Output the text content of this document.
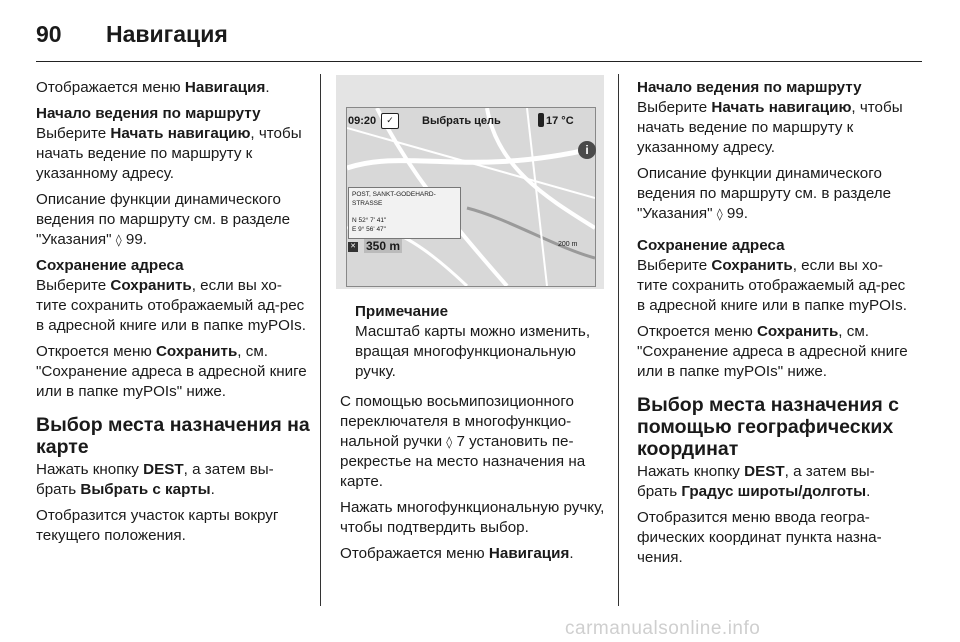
90	Навигация

Отображается меню Навигация.

Начало ведения по маршруту

Выберите Начать навигацию, чтобы начать ведение по маршруту к указанному адресу.

Описание функции динамического ведения по маршруту см. в разделе "Указания" ◊ 99.

Сохранение адреса

Выберите Сохранить, если вы хо-тите сохранить отображаемый ад-рес в адресной книге или в папке myPOIs.

Откроется меню Сохранить, см. "Сохранение адреса в адресной книге или в папке myPOIs" ниже.

Выбор места назначения на карте

Нажать кнопку DEST, а затем вы-брать Выбрать с карты.

Отобразится участок карты вокруг текущего положения.

09:20	✓	Выбрать цель	17 °C
i
POST, SANKT-GODEHARD-STRASSE
N 52° 7' 41"
E 9° 56' 47"
✕ 350 m	200 m
Примечание
Масштаб карты можно изменить, вращая многофункциональную ручку.

С помощью восьмипозиционного переключателя в многофункцио-нальной ручки ◊ 7 установить пе-рекрестье на место назначения на карте.

Нажать многофункциональную ручку, чтобы подтвердить выбор.

Отображается меню Навигация.

Начало ведения по маршруту

Выберите Начать навигацию, чтобы начать ведение по маршруту к указанному адресу.

Описание функции динамического ведения по маршруту см. в разделе "Указания" ◊ 99.

Сохранение адреса

Выберите Сохранить, если вы хо-тите сохранить отображаемый ад-рес в адресной книге или в папке myPOIs.

Откроется меню Сохранить, см. "Сохранение адреса в адресной книге или в папке myPOIs" ниже.

Выбор места назначения с помощью географических координат

Нажать кнопку DEST, а затем вы-брать Градус широты/долготы.

Отобразится меню ввода геогра-фических координат пункта назна-чения.

carmanualsonline.info
